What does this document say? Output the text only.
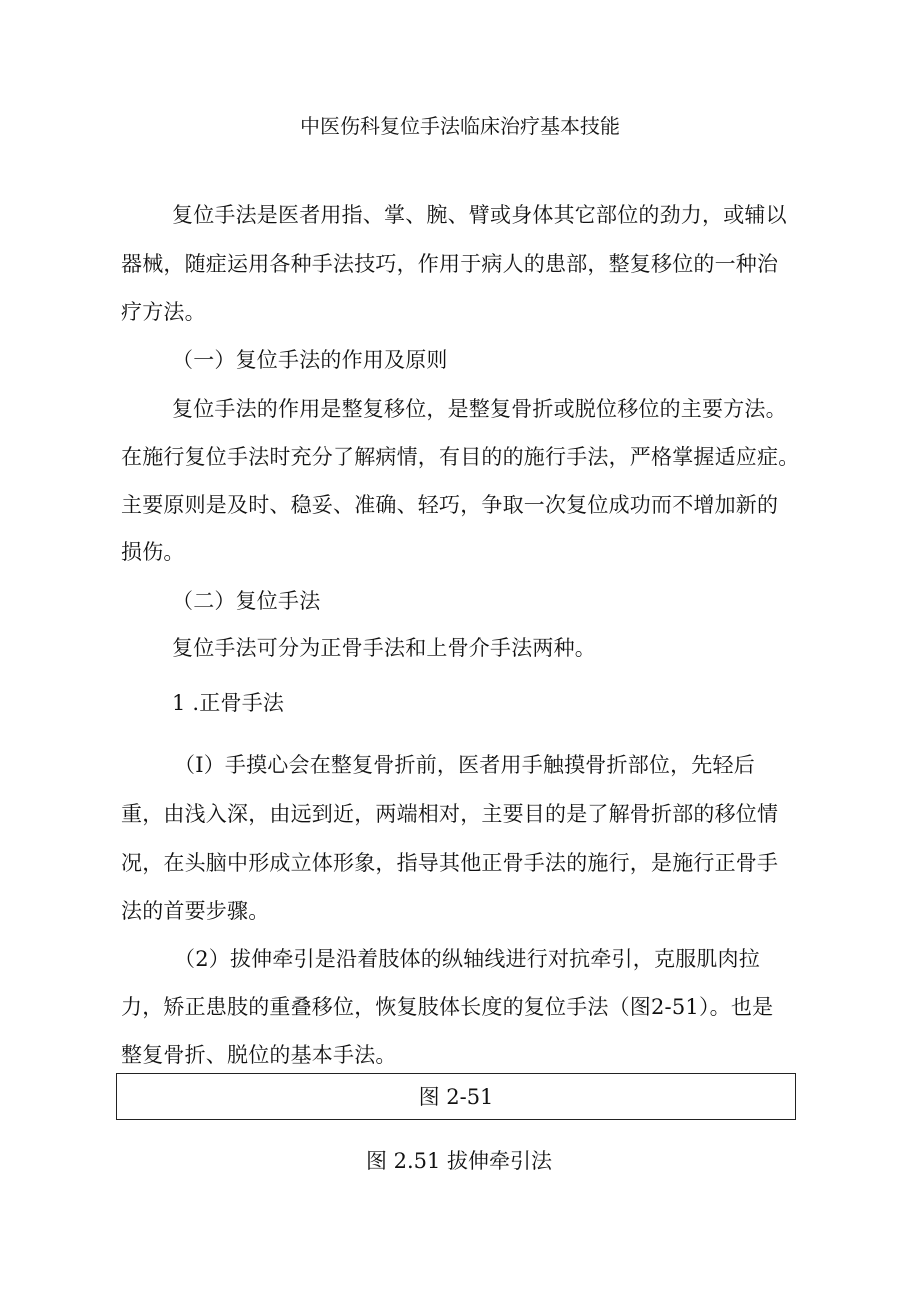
中医伤科复位手法临床治疗基本技能
复位手法是医者用指、掌、腕、臂或身体其它部位的劲力，或辅以
器械，随症运用各种手法技巧，作用于病人的患部，整复移位的一种治
疗方法。
（一）复位手法的作用及原则
复位手法的作用是整复移位，是整复骨折或脱位移位的主要方法。
在施行复位手法时充分了解病情，有目的的施行手法，严格掌握适应症。
主要原则是及时、稳妥、准确、轻巧，争取一次复位成功而不增加新的
损伤。
（二）复位手法
复位手法可分为正骨手法和上骨介手法两种。
1 .正骨手法
（I）手摸心会在整复骨折前，医者用手触摸骨折部位，先轻后
重，由浅入深，由远到近，两端相对，主要目的是了解骨折部的移位情
况，在头脑中形成立体形象，指导其他正骨手法的施行，是施行正骨手
法的首要步骤。
（2）拔伸牵引是沿着肢体的纵轴线进行对抗牵引，克服肌肉拉
力，矫正患肢的重叠移位，恢复肢体长度的复位手法（图2-51）。也是
整复骨折、脱位的基本手法。
图 2-51
图 2.51 拔伸牵引法
